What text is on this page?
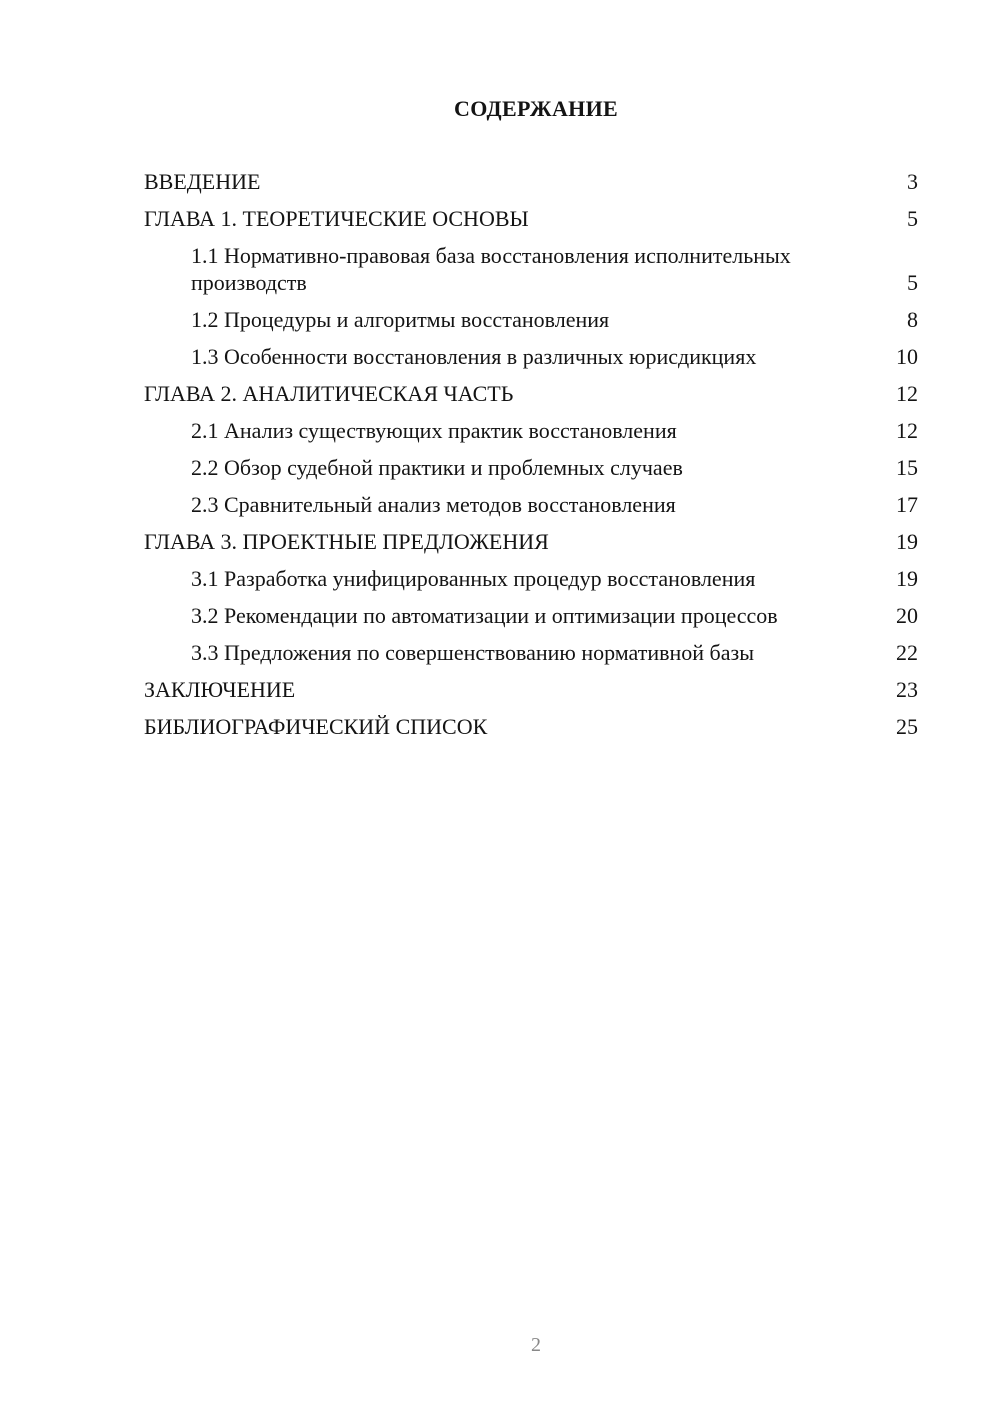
СОДЕРЖАНИЕ
ВВЕДЕНИЕ	3
ГЛАВА 1. ТЕОРЕТИЧЕСКИЕ ОСНОВЫ	5
1.1 Нормативно-правовая база восстановления исполнительных производств	5
1.2 Процедуры и алгоритмы восстановления	8
1.3 Особенности восстановления в различных юрисдикциях	10
ГЛАВА 2. АНАЛИТИЧЕСКАЯ ЧАСТЬ	12
2.1 Анализ существующих практик восстановления	12
2.2 Обзор судебной практики и проблемных случаев	15
2.3 Сравнительный анализ методов восстановления	17
ГЛАВА 3. ПРОЕКТНЫЕ ПРЕДЛОЖЕНИЯ	19
3.1 Разработка унифицированных процедур восстановления	19
3.2 Рекомендации по автоматизации и оптимизации процессов	20
3.3 Предложения по совершенствованию нормативной базы	22
ЗАКЛЮЧЕНИЕ	23
БИБЛИОГРАФИЧЕСКИЙ СПИСОК	25
2
